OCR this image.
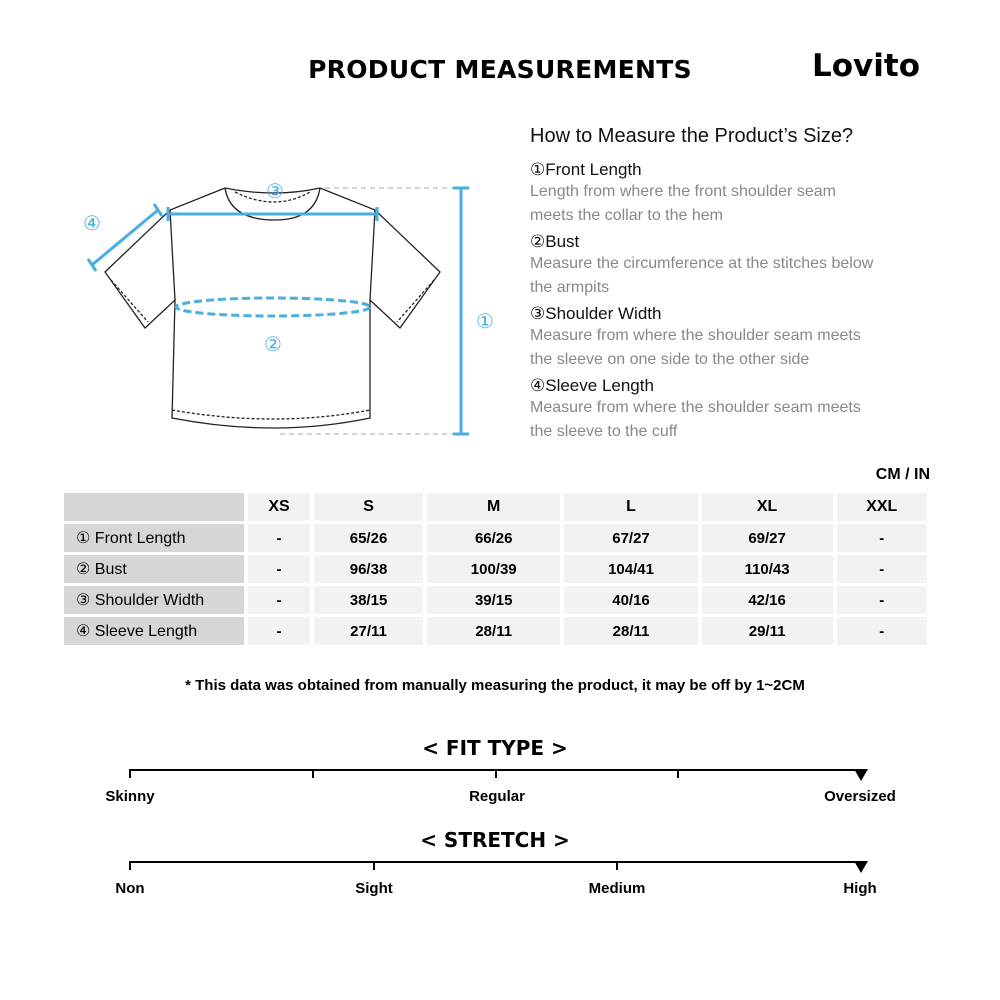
PRODUCT MEASUREMENTS	Lovito
①
②
③
④
How to Measure the Product’s Size?
①Front Length
Length from where the front shoulder seam
meets the collar to the hem
②Bust
Measure the circumference at the stitches below
the armpits
③Shoulder Width
Measure from where the shoulder seam meets
the sleeve on one side to the other side
④Sleeve Length
Measure from where the shoulder seam meets
the sleeve to the cuff
CM / IN
	XS	S	M	L	XL	XXL
① Front Length	-	65/26	66/26	67/27	69/27	-
② Bust	-	96/38	100/39	104/41	110/43	-
③ Shoulder Width	-	38/15	39/15	40/16	42/16	-
④ Sleeve Length	-	27/11	28/11	28/11	29/11	-
* This data was obtained from manually measuring the product, it may be off by 1~2CM
< FIT TYPE >
Skinny	Regular	Oversized
< STRETCH >
Non	Sight	Medium	High
